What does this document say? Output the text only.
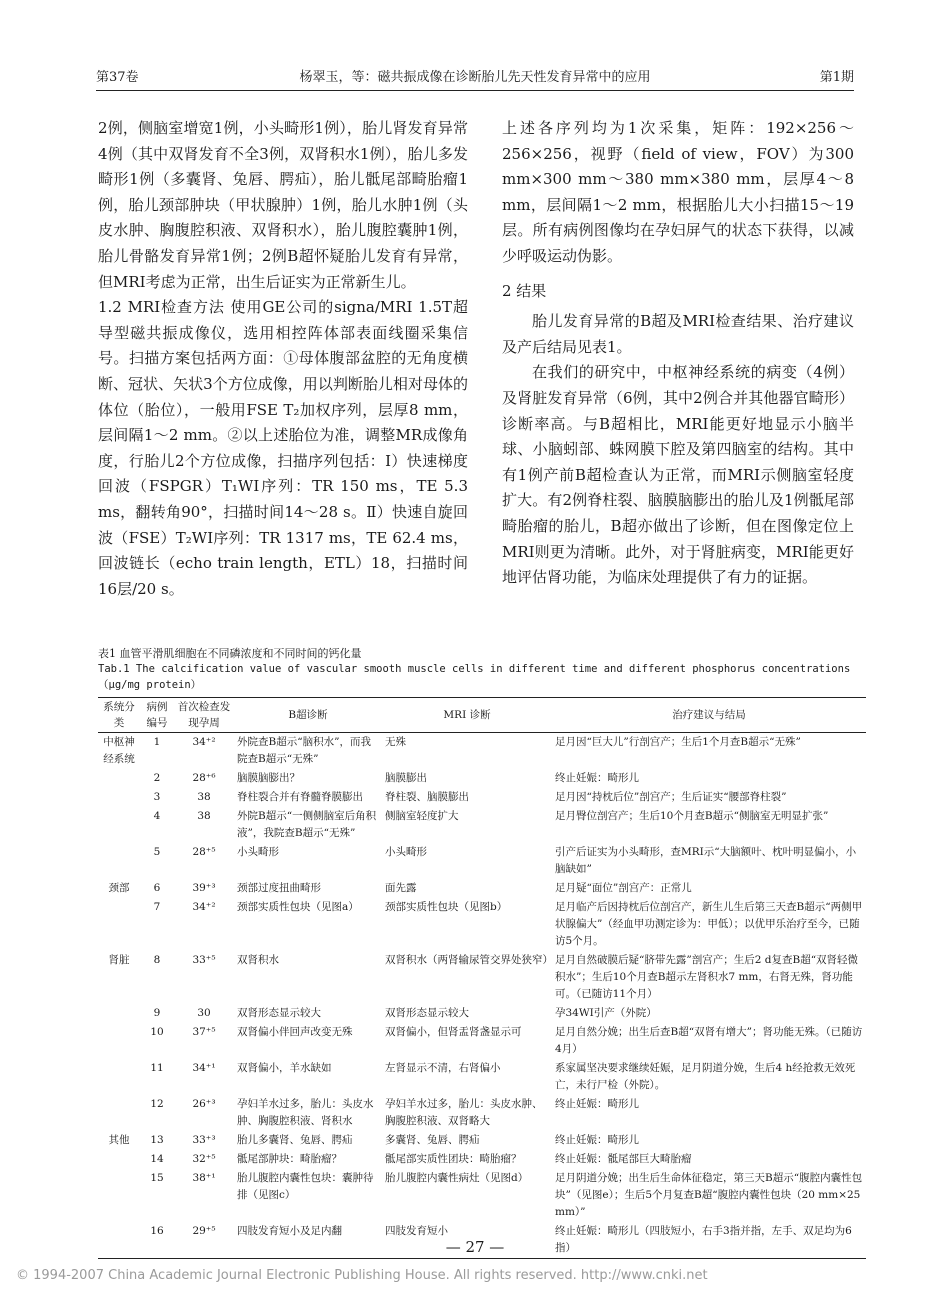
第37卷	杨翠玉，等：磁共振成像在诊断胎儿先天性发育异常中的应用	第1期

2例，侧脑室增宽1例，小头畸形1例），胎儿肾发育异常4例（其中双肾发育不全3例，双肾积水1例），胎儿多发畸形1例（多囊肾、兔唇、腭疝），胎儿骶尾部畸胎瘤1例，胎儿颈部肿块（甲状腺肿）1例，胎儿水肿1例（头皮水肿、胸腹腔积液、双肾积水），胎儿腹腔囊肿1例，胎儿骨骼发育异常1例；2例B超怀疑胎儿发育有异常，但MRI考虑为正常，出生后证实为正常新生儿。

1.2 MRI检查方法 使用GE公司的signa/MRI 1.5T超导型磁共振成像仪，选用相控阵体部表面线圈采集信号。扫描方案包括两方面：①母体腹部盆腔的无角度横断、冠状、矢状3个方位成像，用以判断胎儿相对母体的体位（胎位），一般用FSE T₂加权序列，层厚8 mm，层间隔1～2 mm。②以上述胎位为准，调整MR成像角度，行胎儿2个方位成像，扫描序列包括：Ⅰ）快速梯度回波（FSPGR）T₁WI序列：TR 150 ms，TE 5.3 ms，翻转角90°，扫描时间14～28 s。Ⅱ）快速自旋回波（FSE）T₂WI序列：TR 1317 ms，TE 62.4 ms，回波链长（echo train length，ETL）18，扫描时间16层/20 s。

上述各序列均为1次采集，矩阵：192×256～256×256，视野（field of view，FOV）为300 mm×300 mm～380 mm×380 mm，层厚4～8 mm，层间隔1～2 mm，根据胎儿大小扫描15～19层。所有病例图像均在孕妇屏气的状态下获得，以减少呼吸运动伪影。

2 结果

胎儿发育异常的B超及MRI检查结果、治疗建议及产后结局见表1。

在我们的研究中，中枢神经系统的病变（4例）及肾脏发育异常（6例，其中2例合并其他器官畸形）诊断率高。与B超相比，MRI能更好地显示小脑半球、小脑蚓部、蛛网膜下腔及第四脑室的结构。其中有1例产前B超检查认为正常，而MRI示侧脑室轻度扩大。有2例脊柱裂、脑膜脑膨出的胎儿及1例骶尾部畸胎瘤的胎儿，B超亦做出了诊断，但在图像定位上MRI则更为清晰。此外，对于肾脏病变，MRI能更好地评估肾功能，为临床处理提供了有力的证据。

表1 血管平滑肌细胞在不同磷浓度和不同时间的钙化量
Tab.1 The calcification value of vascular smooth muscle cells in different time and different phosphorus concentrations（μg/mg protein）
系统分类	病例编号	首次检查发现孕周	B超诊断	MRI 诊断	治疗建议与结局
中枢神经系统	1	34⁺²	外院查B超示“脑积水”，而我院查B超示“无殊”	无殊	足月因“巨大儿”行剖宫产；生后1个月查B超示“无殊”
	2	28⁺⁶	脑膜脑膨出？	脑膜膨出	终止妊娠：畸形儿
	3	38	脊柱裂合并有脊髓脊膜膨出	脊柱裂、脑膜膨出	足月因“持枕后位”剖宫产；生后证实“腰部脊柱裂”
	4	38	外院B超示“一侧侧脑室后角积液”，我院查B超示“无殊”	侧脑室轻度扩大	足月臀位剖宫产；生后10个月查B超示“侧脑室无明显扩张”
	5	28⁺⁵	小头畸形	小头畸形	引产后证实为小头畸形，查MRI示“大脑额叶、枕叶明显偏小，小脑缺如”
颈部	6	39⁺³	颈部过度扭曲畸形	面先露	足月疑“面位”剖宫产：正常儿
	7	34⁺²	颈部实质性包块（见图a）	颈部实质性包块（见图b）	足月临产后因持枕后位剖宫产，新生儿生后第三天查B超示“两侧甲状腺偏大”（经血甲功测定诊为：甲低）；以优甲乐治疗至今，已随访5个月。
肾脏	8	33⁺⁵	双肾积水	双肾积水（两肾输尿管交界处狭窄）	足月自然破膜后疑“脐带先露”剖宫产；生后2 d复查B超“双肾轻微积水”；生后10个月查B超示左肾积水7 mm，右肾无殊，肾功能可。（已随访11个月）
	9	30	双肾形态显示较大	双肾形态显示较大	孕34WI引产（外院）
	10	37⁺⁵	双肾偏小伴回声改变无殊	双肾偏小，但肾盂肾盏显示可	足月自然分娩；出生后查B超“双肾有增大”；肾功能无殊。（已随访4月）
	11	34⁺¹	双肾偏小，羊水缺如	左肾显示不清，右肾偏小	系家属坚决要求继续妊娠，足月阴道分娩，生后4 h经抢救无效死亡，未行尸检（外院）。
	12	26⁺³	孕妇羊水过多，胎儿：头皮水肿、胸腹腔积液、肾积水	孕妇羊水过多，胎儿：头皮水肿、胸腹腔积液、双肾略大	终止妊娠：畸形儿
其他	13	33⁺³	胎儿多囊肾、兔唇、腭疝	多囊肾、兔唇、腭疝	终止妊娠：畸形儿
	14	32⁺⁵	骶尾部肿块：畸胎瘤？	骶尾部实质性团块：畸胎瘤？	终止妊娠：骶尾部巨大畸胎瘤
	15	38⁺¹	胎儿腹腔内囊性包块：囊肿待排（见图c）	胎儿腹腔内囊性病灶（见图d）	足月阴道分娩；出生后生命体征稳定，第三天B超示“腹腔内囊性包块”（见图e）；生后5个月复查B超“腹腔内囊性包块（20 mm×25 mm）”
	16	29⁺⁵	四肢发育短小及足内翻	四肢发育短小	终止妊娠：畸形儿（四肢短小，右手3指并指，左手、双足均为6指）
— 27 —
© 1994-2007 China Academic Journal Electronic Publishing House. All rights reserved. http://www.cnki.net
